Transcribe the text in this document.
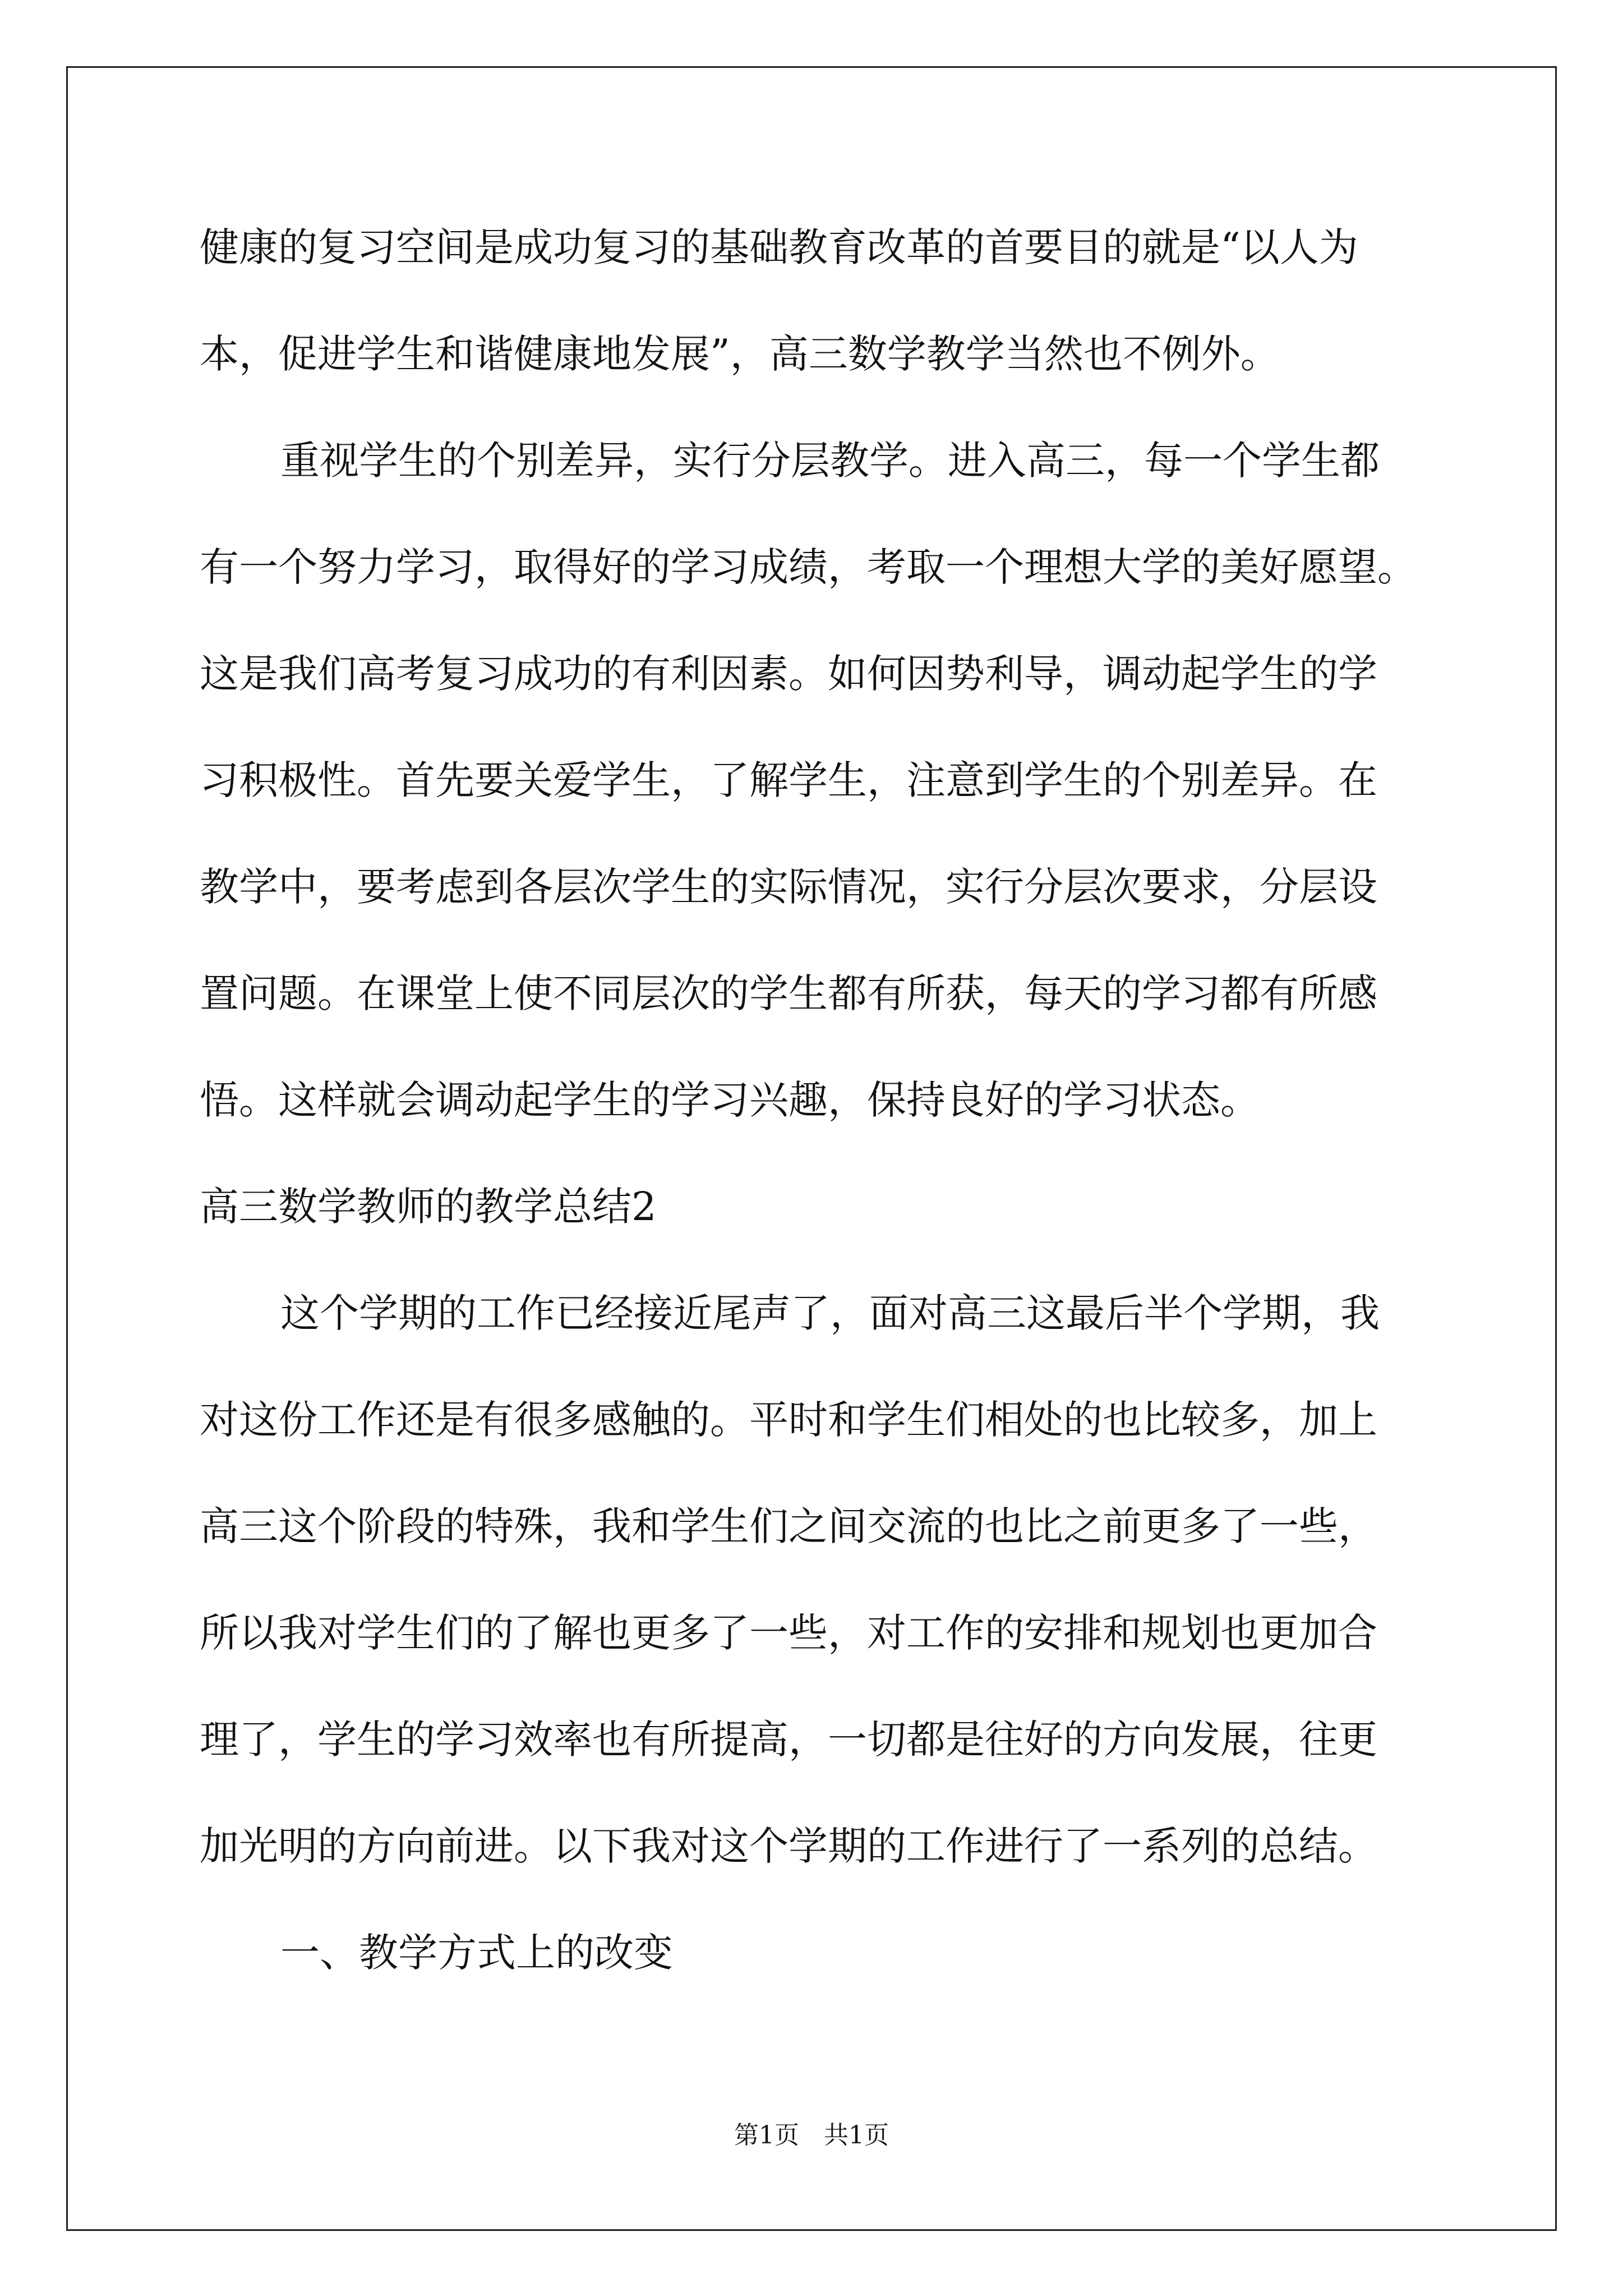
健康的复习空间是成功复习的基础教育改革的首要目的就是“以人为
本，促进学生和谐健康地发展”，高三数学教学当然也不例外。
重视学生的个别差异，实行分层教学。进入高三，每一个学生都
有一个努力学习，取得好的学习成绩，考取一个理想大学的美好愿望。
这是我们高考复习成功的有利因素。如何因势利导，调动起学生的学
习积极性。首先要关爱学生，了解学生，注意到学生的个别差异。在
教学中，要考虑到各层次学生的实际情况，实行分层次要求，分层设
置问题。在课堂上使不同层次的学生都有所获，每天的学习都有所感
悟。这样就会调动起学生的学习兴趣，保持良好的学习状态。
高三数学教师的教学总结2
这个学期的工作已经接近尾声了，面对高三这最后半个学期，我
对这份工作还是有很多感触的。平时和学生们相处的也比较多，加上
高三这个阶段的特殊，我和学生们之间交流的也比之前更多了一些，
所以我对学生们的了解也更多了一些，对工作的安排和规划也更加合
理了，学生的学习效率也有所提高，一切都是往好的方向发展，往更
加光明的方向前进。以下我对这个学期的工作进行了一系列的总结。
一、教学方式上的改变
第1页　共1页
